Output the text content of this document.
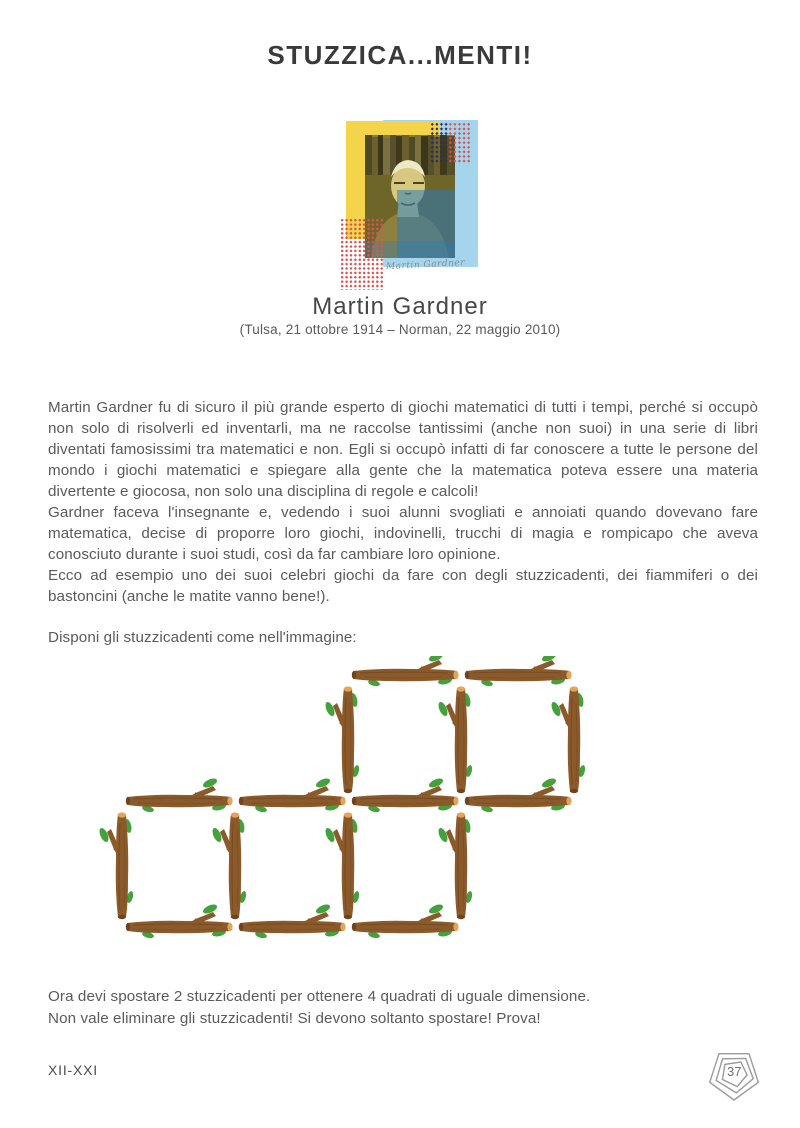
STUZZICA...MENTI!
Martin Gardner
Martin Gardner
(Tulsa, 21 ottobre 1914 – Norman, 22 maggio 2010)

Martin Gardner fu di sicuro il più grande esperto di giochi matematici di tutti i tempi, perché si occupò non solo di risolverli ed inventarli, ma ne raccolse tantissimi (anche non suoi) in una serie di libri diventati famosissimi tra matematici e non. Egli si occupò infatti di far conoscere a tutte le persone del mondo i giochi matematici e spiegare alla gente che la matematica poteva essere una materia divertente e giocosa, non solo una disciplina di regole e calcoli!

Gardner faceva l'insegnante e, vedendo i suoi alunni svogliati e annoiati quando dovevano fare matematica, decise di proporre loro giochi, indovinelli, trucchi di magia e rompicapo che aveva conosciuto durante i suoi studi, così da far cambiare loro opinione.

Ecco ad esempio uno dei suoi celebri giochi da fare con degli stuzzicadenti, dei fiammiferi o dei bastoncini (anche le matite vanno bene!).

Disponi gli stuzzicadenti come nell'immagine:
Ora devi spostare 2 stuzzicadenti per ottenere 4 quadrati di uguale dimensione.
Non vale eliminare gli stuzzicadenti! Si devono soltanto spostare! Prova!
XII-XXI	37
